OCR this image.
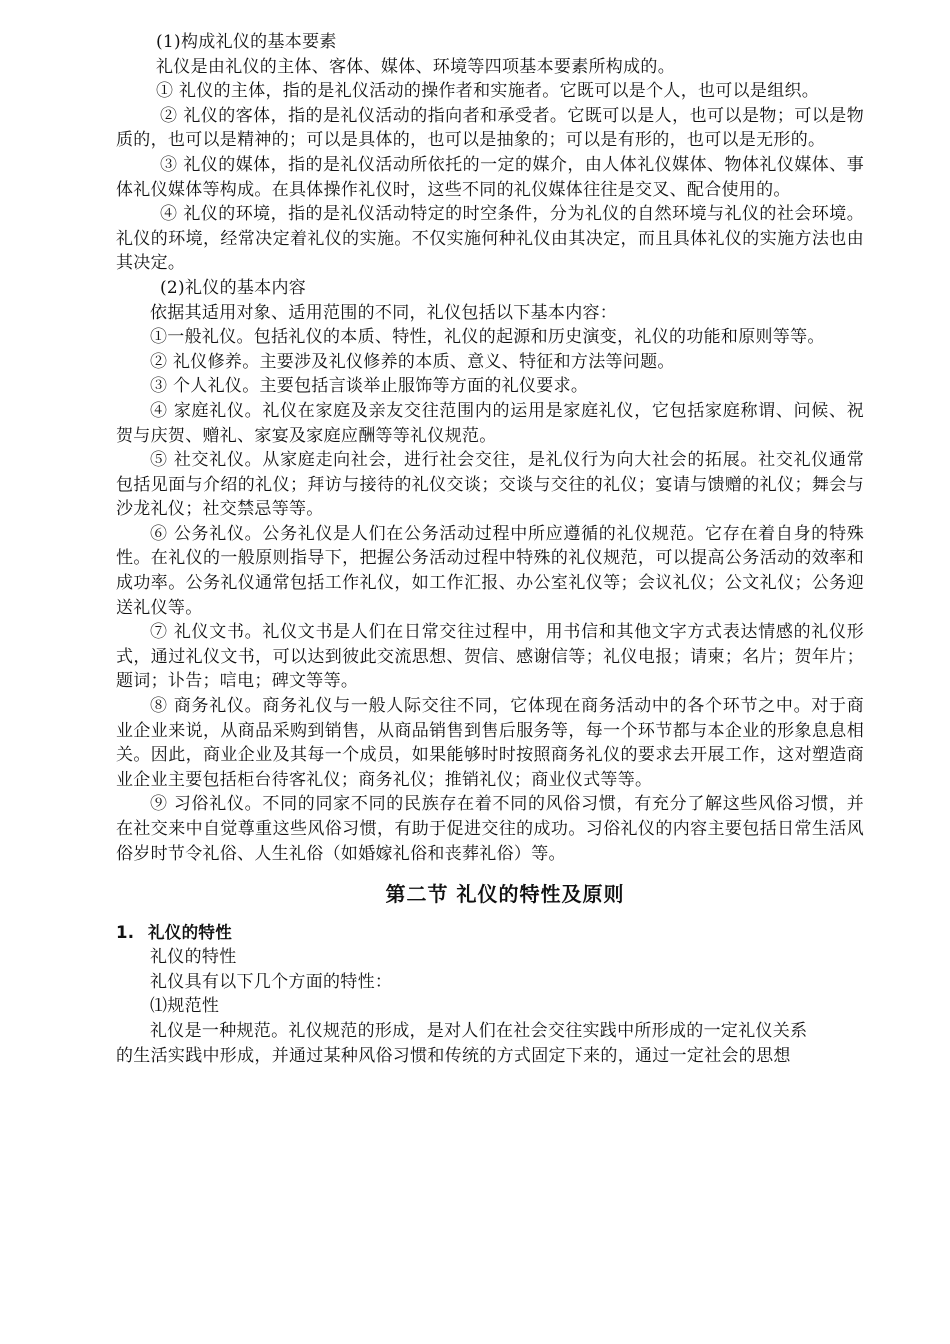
(1)构成礼仪的基本要素

礼仪是由礼仪的主体、客体、媒体、环境等四项基本要素所构成的。

① 礼仪的主体，指的是礼仪活动的操作者和实施者。它既可以是个人，也可以是组织。

② 礼仪的客体，指的是礼仪活动的指向者和承受者。它既可以是人，也可以是物；可以是物质的，也可以是精神的；可以是具体的，也可以是抽象的；可以是有形的，也可以是无形的。

③ 礼仪的媒体，指的是礼仪活动所依托的一定的媒介，由人体礼仪媒体、物体礼仪媒体、事体礼仪媒体等构成。在具体操作礼仪时，这些不同的礼仪媒体往往是交叉、配合使用的。

④ 礼仪的环境，指的是礼仪活动特定的时空条件，分为礼仪的自然环境与礼仪的社会环境。礼仪的环境，经常决定着礼仪的实施。不仅实施何种礼仪由其决定，而且具体礼仪的实施方法也由其决定。

(2)礼仪的基本内容

依据其适用对象、适用范围的不同，礼仪包括以下基本内容：

①一般礼仪。包括礼仪的本质、特性，礼仪的起源和历史演变，礼仪的功能和原则等等。

② 礼仪修养。主要涉及礼仪修养的本质、意义、特征和方法等问题。

③ 个人礼仪。主要包括言谈举止服饰等方面的礼仪要求。

④ 家庭礼仪。礼仪在家庭及亲友交往范围内的运用是家庭礼仪，它包括家庭称谓、问候、祝贺与庆贺、赠礼、家宴及家庭应酬等等礼仪规范。

⑤ 社交礼仪。从家庭走向社会，进行社会交往，是礼仪行为向大社会的拓展。社交礼仪通常包括见面与介绍的礼仪；拜访与接待的礼仪交谈；交谈与交往的礼仪；宴请与馈赠的礼仪；舞会与沙龙礼仪；社交禁忌等等。

⑥ 公务礼仪。公务礼仪是人们在公务活动过程中所应遵循的礼仪规范。它存在着自身的特殊性。在礼仪的一般原则指导下，把握公务活动过程中特殊的礼仪规范，可以提高公务活动的效率和成功率。公务礼仪通常包括工作礼仪，如工作汇报、办公室礼仪等；会议礼仪；公文礼仪；公务迎送礼仪等。

⑦ 礼仪文书。礼仪文书是人们在日常交往过程中，用书信和其他文字方式表达情感的礼仪形式，通过礼仪文书，可以达到彼此交流思想、贺信、感谢信等；礼仪电报；请柬；名片；贺年片；题词；讣告；唁电；碑文等等。

⑧ 商务礼仪。商务礼仪与一般人际交往不同，它体现在商务活动中的各个环节之中。对于商业企业来说，从商品采购到销售，从商品销售到售后服务等，每一个环节都与本企业的形象息息相关。因此，商业企业及其每一个成员，如果能够时时按照商务礼仪的要求去开展工作，这对塑造商业企业主要包括柜台待客礼仪；商务礼仪；推销礼仪；商业仪式等等。

⑨ 习俗礼仪。不同的同家不同的民族存在着不同的风俗习惯，有充分了解这些风俗习惯，并在社交来中自觉尊重这些风俗习惯，有助于促进交往的成功。习俗礼仪的内容主要包括日常生活风俗岁时节令礼俗、人生礼俗（如婚嫁礼俗和丧葬礼俗）等。

第二节 礼仪的特性及原则

1. 礼仪的特性

礼仪的特性

礼仪具有以下几个方面的特性：

⑴规范性

礼仪是一种规范。礼仪规范的形成，是对人们在社会交往实践中所形成的一定礼仪关系

的生活实践中形成，并通过某种风俗习惯和传统的方式固定下来的，通过一定社会的思想
